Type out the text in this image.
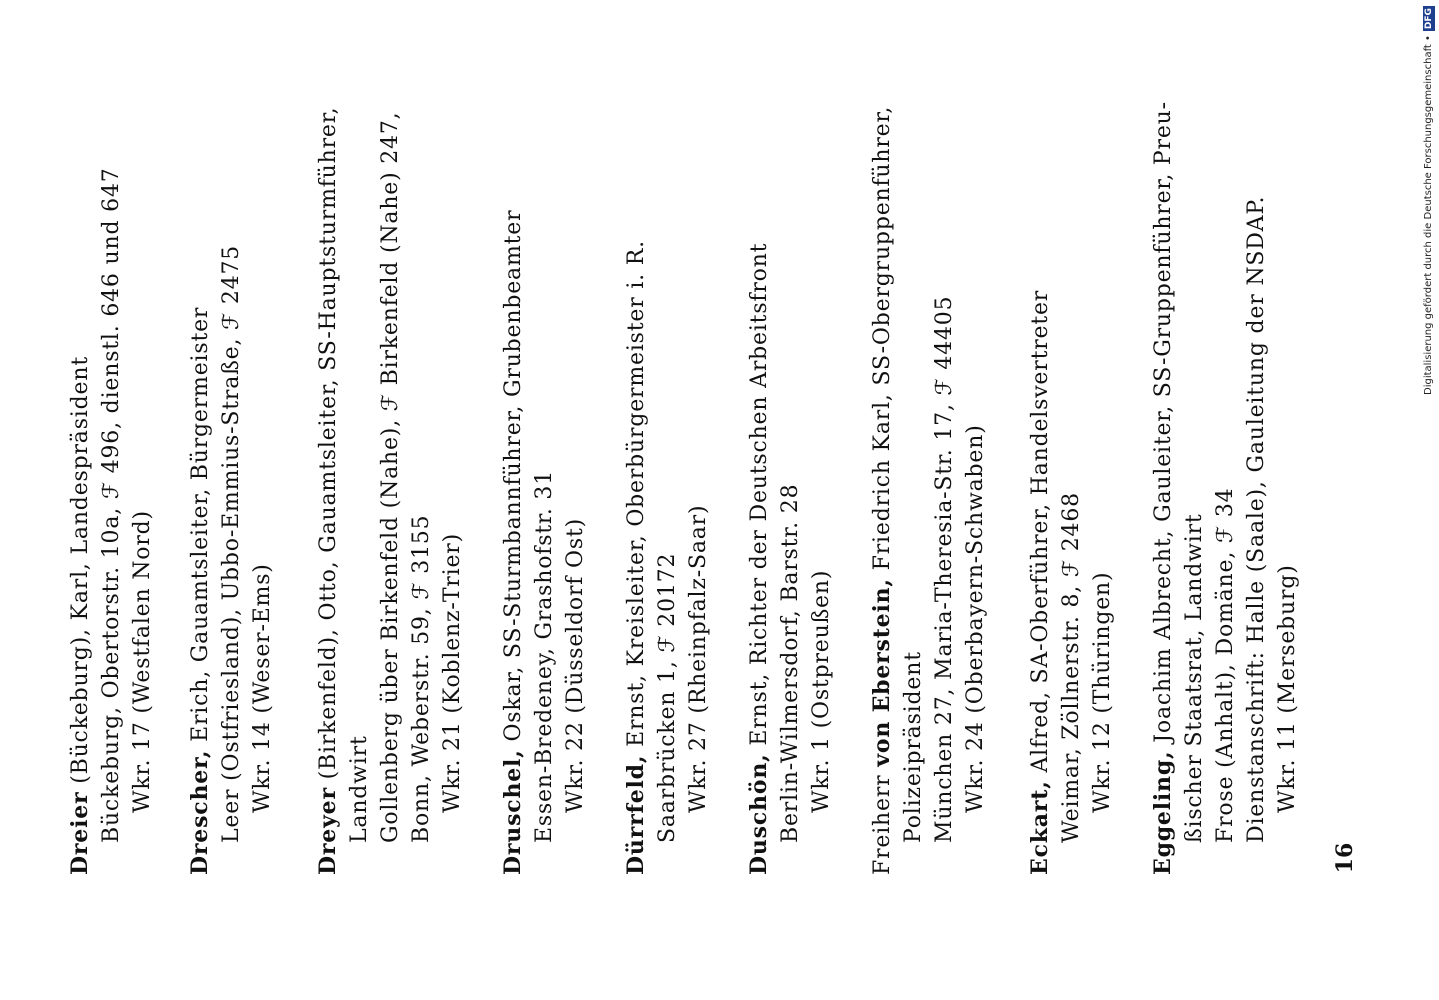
Dreier (Bückeburg), Karl, Landespräsident Bückeburg, Obertorstr. 10a, ℱ 496, dienstl. 646 und 647 Wkr. 17 (Westfalen Nord) Drescher, Erich, Gauamtsleiter, Bürgermeister Leer (Ostfriesland), Ubbo-Emmius-Straße, ℱ 2475 Wkr. 14 (Weser-Ems)
Dreyer (Birkenfeld), Otto, Gauamtsleiter, SS-Hauptsturmführer,
Landwirt Gollenberg über Birkenfeld (Nahe), ℱ Birkenfeld (Nahe) 247, Bonn, Weberstr. 59, ℱ 3155 Wkr. 21 (Koblenz-Trier) Druschel, Oskar, SS-Sturmbannführer, Grubenbeamter Essen-Bredeney, Grashofstr. 31 Wkr. 22 (Düsseldorf Ost)
Dürrfeld, Ernst, Kreisleiter, Oberbürgermeister i. R. Saarbrücken 1, ℱ 20172 Wkr. 27 (Rheinpfalz-Saar)
Duschön, Ernst, Richter der Deutschen Arbeitsfront Berlin-Wilmersdorf, Barstr. 28 Wkr. 1 (Ostpreußen)
Freiherr von Eberstein, Friedrich Karl, SS-Obergruppenführer,
Polizeipräsident München 27, Maria-Theresia-Str. 17, ℱ 44405 Wkr. 24 (Oberbayern-Schwaben)
Eckart, Alfred, SA-Oberführer, Handelsvertreter Weimar, Zöllnerstr. 8, ℱ 2468 Wkr. 12 (Thüringen) Eggeling, Joachim Albrecht, Gauleiter, SS-Gruppenführer, Preu- ßischer Staatsrat, Landwirt Frose (Anhalt), Domäne, ℱ 34 Dienstanschrift: Halle (Saale), Gauleitung der NSDAP. Wkr. 11 (Merseburg)
16
Digitalisierung gefördert durch die Deutsche Forschungsgemeinschaft •
DFG
